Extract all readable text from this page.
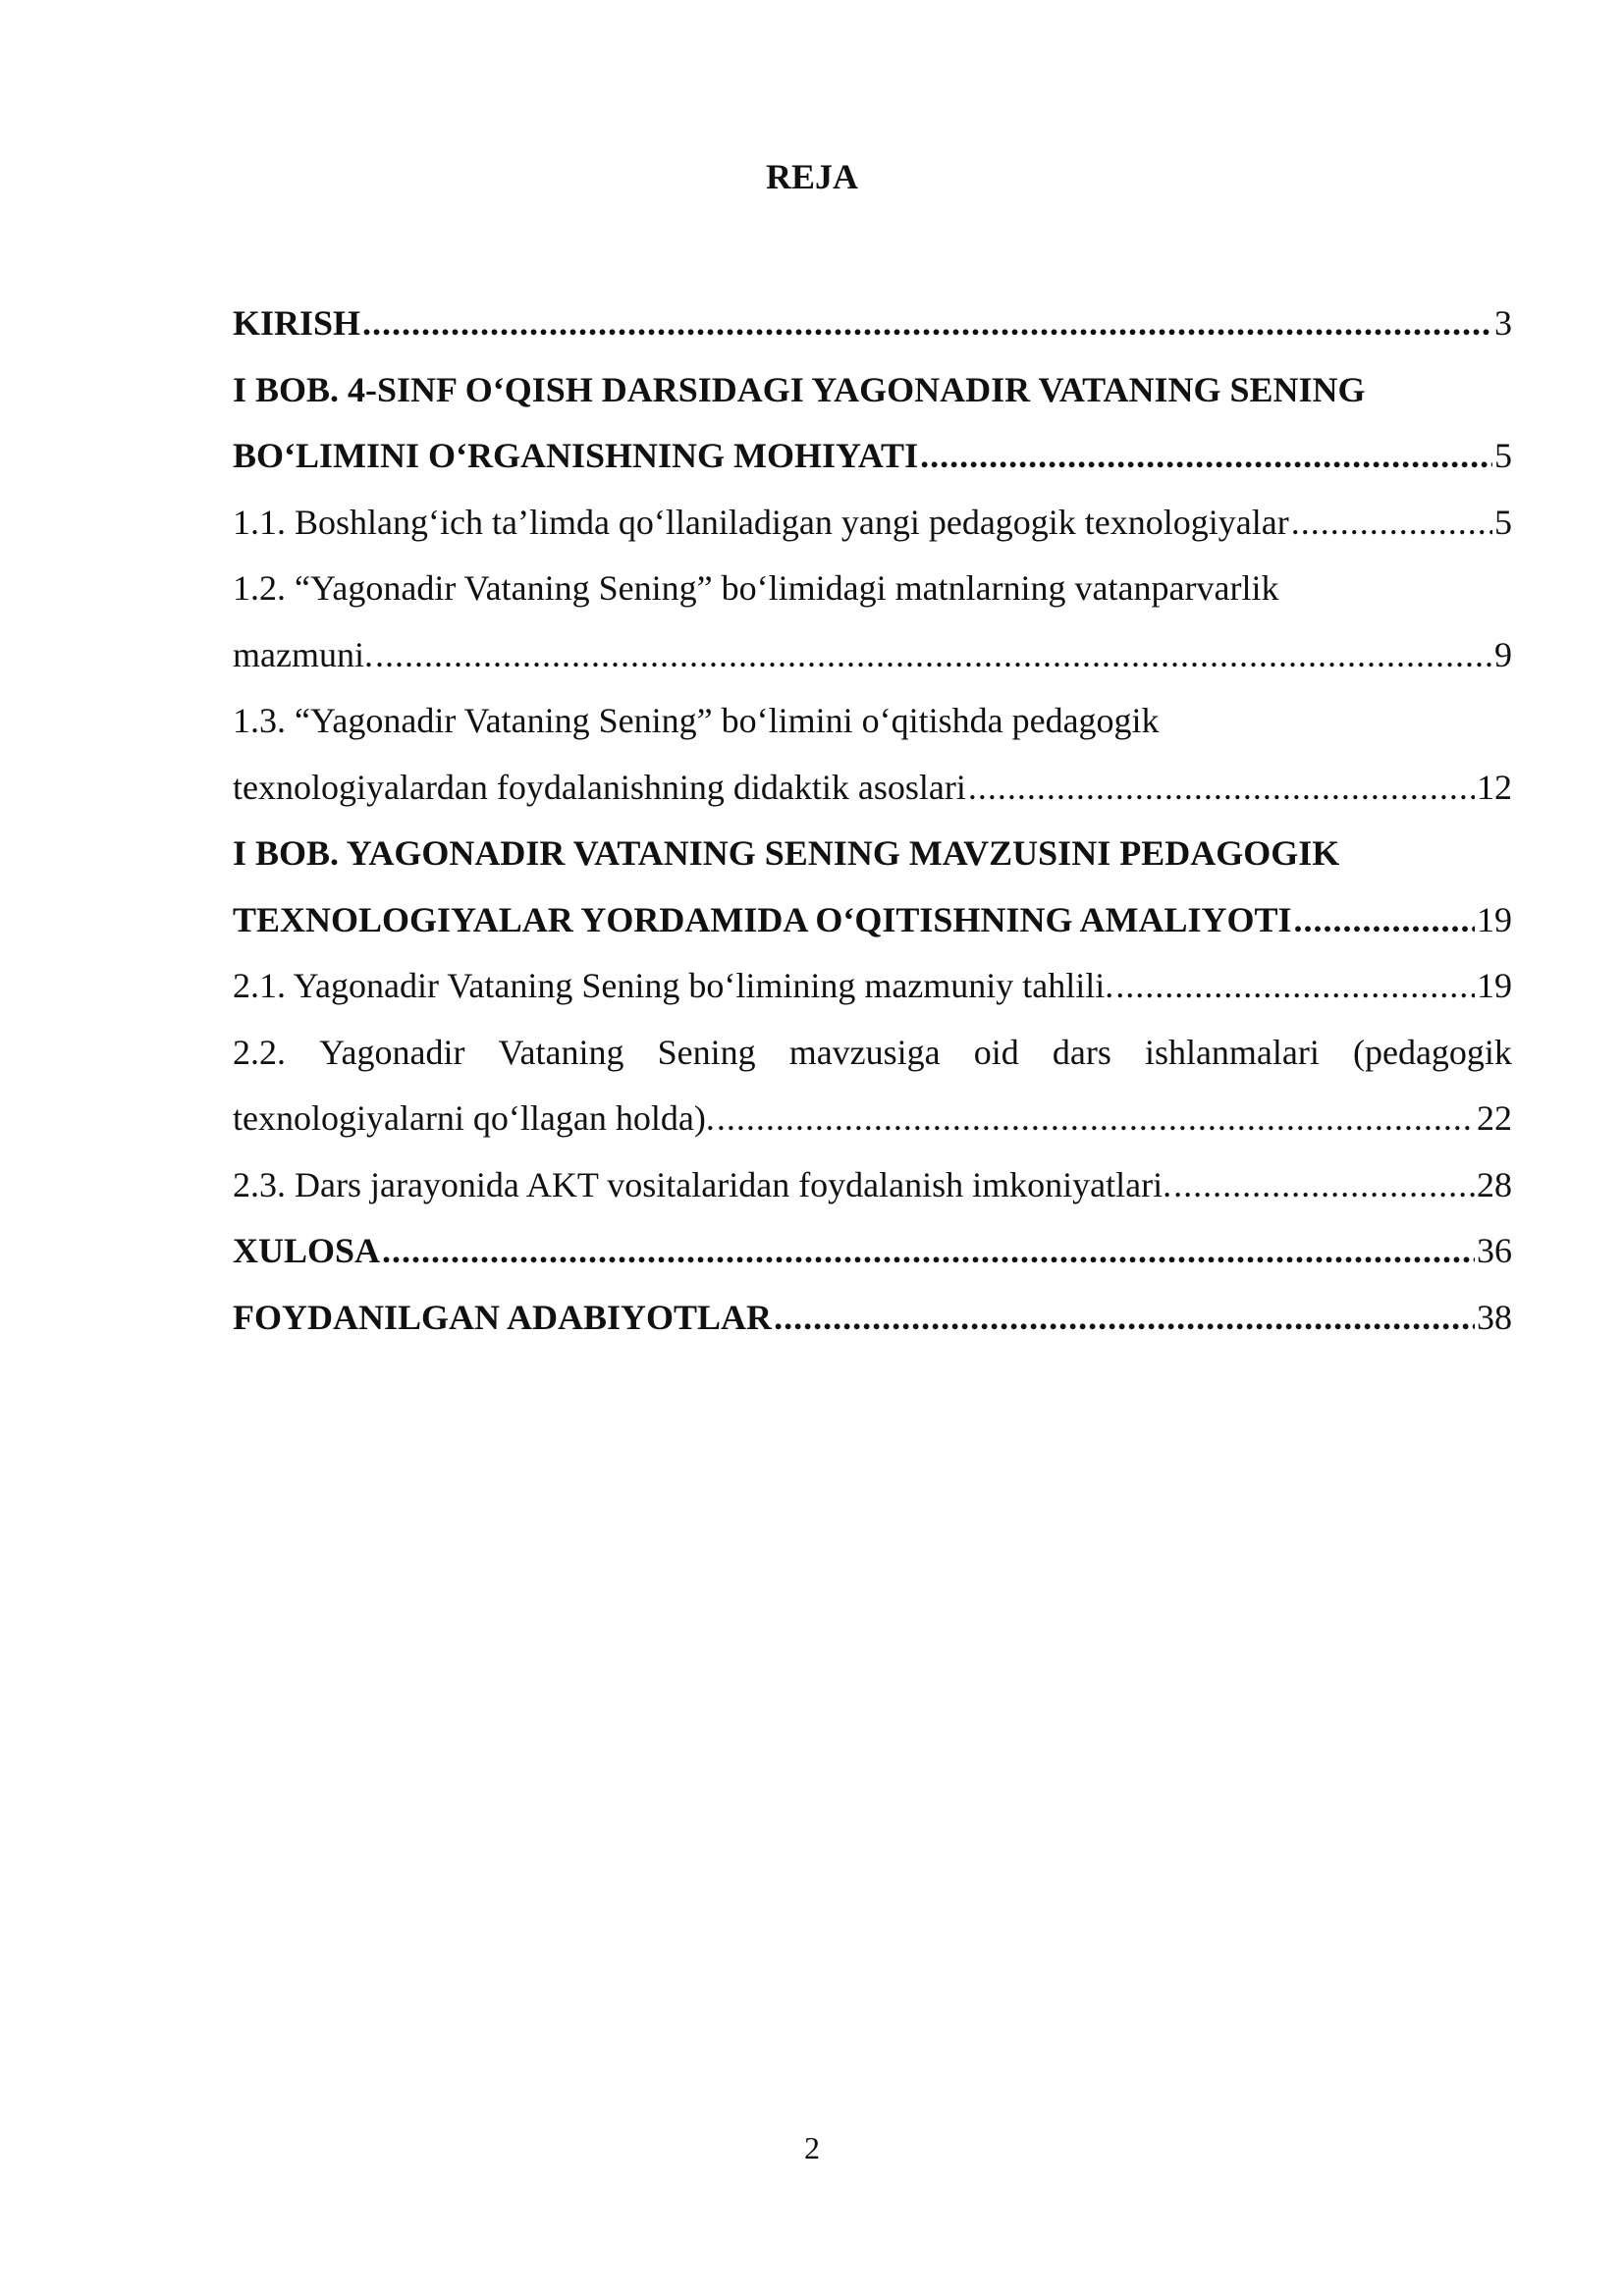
REJA
KIRISH .....	3
I BOB. 4-SINF O‘QISH DARSIDAGI YAGONADIR VATANING SENING
BO‘LIMINI O‘RGANISHNING MOHIYATI .....	5
1.1. Boshlang‘ich ta’limda qo‘llaniladigan yangi pedagogik texnologiyalar .....	5
1.2. “Yagonadir Vataning Sening” bo‘limidagi matnlarning vatanparvarlik
mazmuni. .....	9
1.3. “Yagonadir Vataning Sening” bo‘limini o‘qitishda pedagogik
texnologiyalardan foydalanishning didaktik asoslari .....	12
I BOB. YAGONADIR VATANING SENING MAVZUSINI PEDAGOGIK
TEXNOLOGIYALAR YORDAMIDA O‘QITISHNING AMALIYOTI .....	19
2.1. Yagonadir Vataning Sening bo‘limining mazmuniy tahlili. .....	19
2.2. Yagonadir Vataning Sening mavzusiga oid dars ishlanmalari (pedagogik
texnologiyalarni qo‘llagan holda). .....	22
2.3. Dars jarayonida AKT vositalaridan foydalanish imkoniyatlari. .....	28
XULOSA .....	36
FOYDANILGAN ADABIYOTLAR .....	38
2
